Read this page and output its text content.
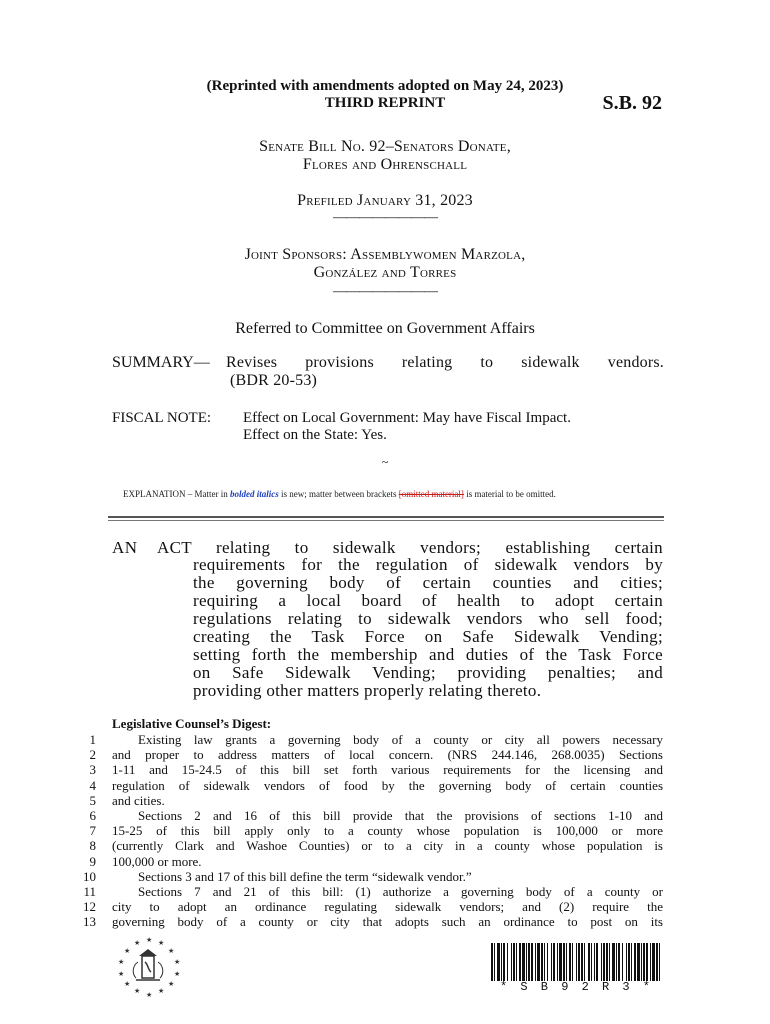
(Reprinted with amendments adopted on May 24, 2023)
THIRD REPRINT	S.B. 92
Senate Bill No. 92–Senators Donate,
Flores and Ohrenschall
Prefiled January 31, 2023
————————
Joint Sponsors: Assemblywomen Marzola,
González and Torres
————————
Referred to Committee on Government Affairs
SUMMARY— Revises provisions relating to sidewalk vendors.
(BDR 20-53)
FISCAL NOTE: Effect on Local Government: May have Fiscal Impact.
Effect on the State: Yes.
~
EXPLANATION – Matter in bolded italics is new; matter between brackets [omitted material] is material to be omitted.
AN ACT relating to sidewalk vendors; establishing certain
requirements for the regulation of sidewalk vendors by
the governing body of certain counties and cities;
requiring a local board of health to adopt certain
regulations relating to sidewalk vendors who sell food;
creating the Task Force on Safe Sidewalk Vending;
setting forth the membership and duties of the Task Force
on Safe Sidewalk Vending; providing penalties; and
providing other matters properly relating thereto.
Legislative Counsel’s Digest:
1
2
3
4
5
6
7
8
9
10
11
12
13
Existing law grants a governing body of a county or city all powers necessary
and proper to address matters of local concern. (NRS 244.146, 268.0035) Sections
1-11 and 15-24.5 of this bill set forth various requirements for the licensing and
regulation of sidewalk vendors of food by the governing body of certain counties
and cities.
Sections 2 and 16 of this bill provide that the provisions of sections 1-10 and
15-25 of this bill apply only to a county whose population is 100,000 or more
(currently Clark and Washoe Counties) or to a city in a county whose population is
100,000 or more.
Sections 3 and 17 of this bill define the term “sidewalk vendor.”
Sections 7 and 21 of this bill: (1) authorize a governing body of a county or
city to adopt an ordinance regulating sidewalk vendors; and (2) require the
governing body of a county or city that adopts such an ordinance to post on its
★
★	★
★	★
★	★
★	★
★	★
★	★
★
* S B 9 2 R 3 *
